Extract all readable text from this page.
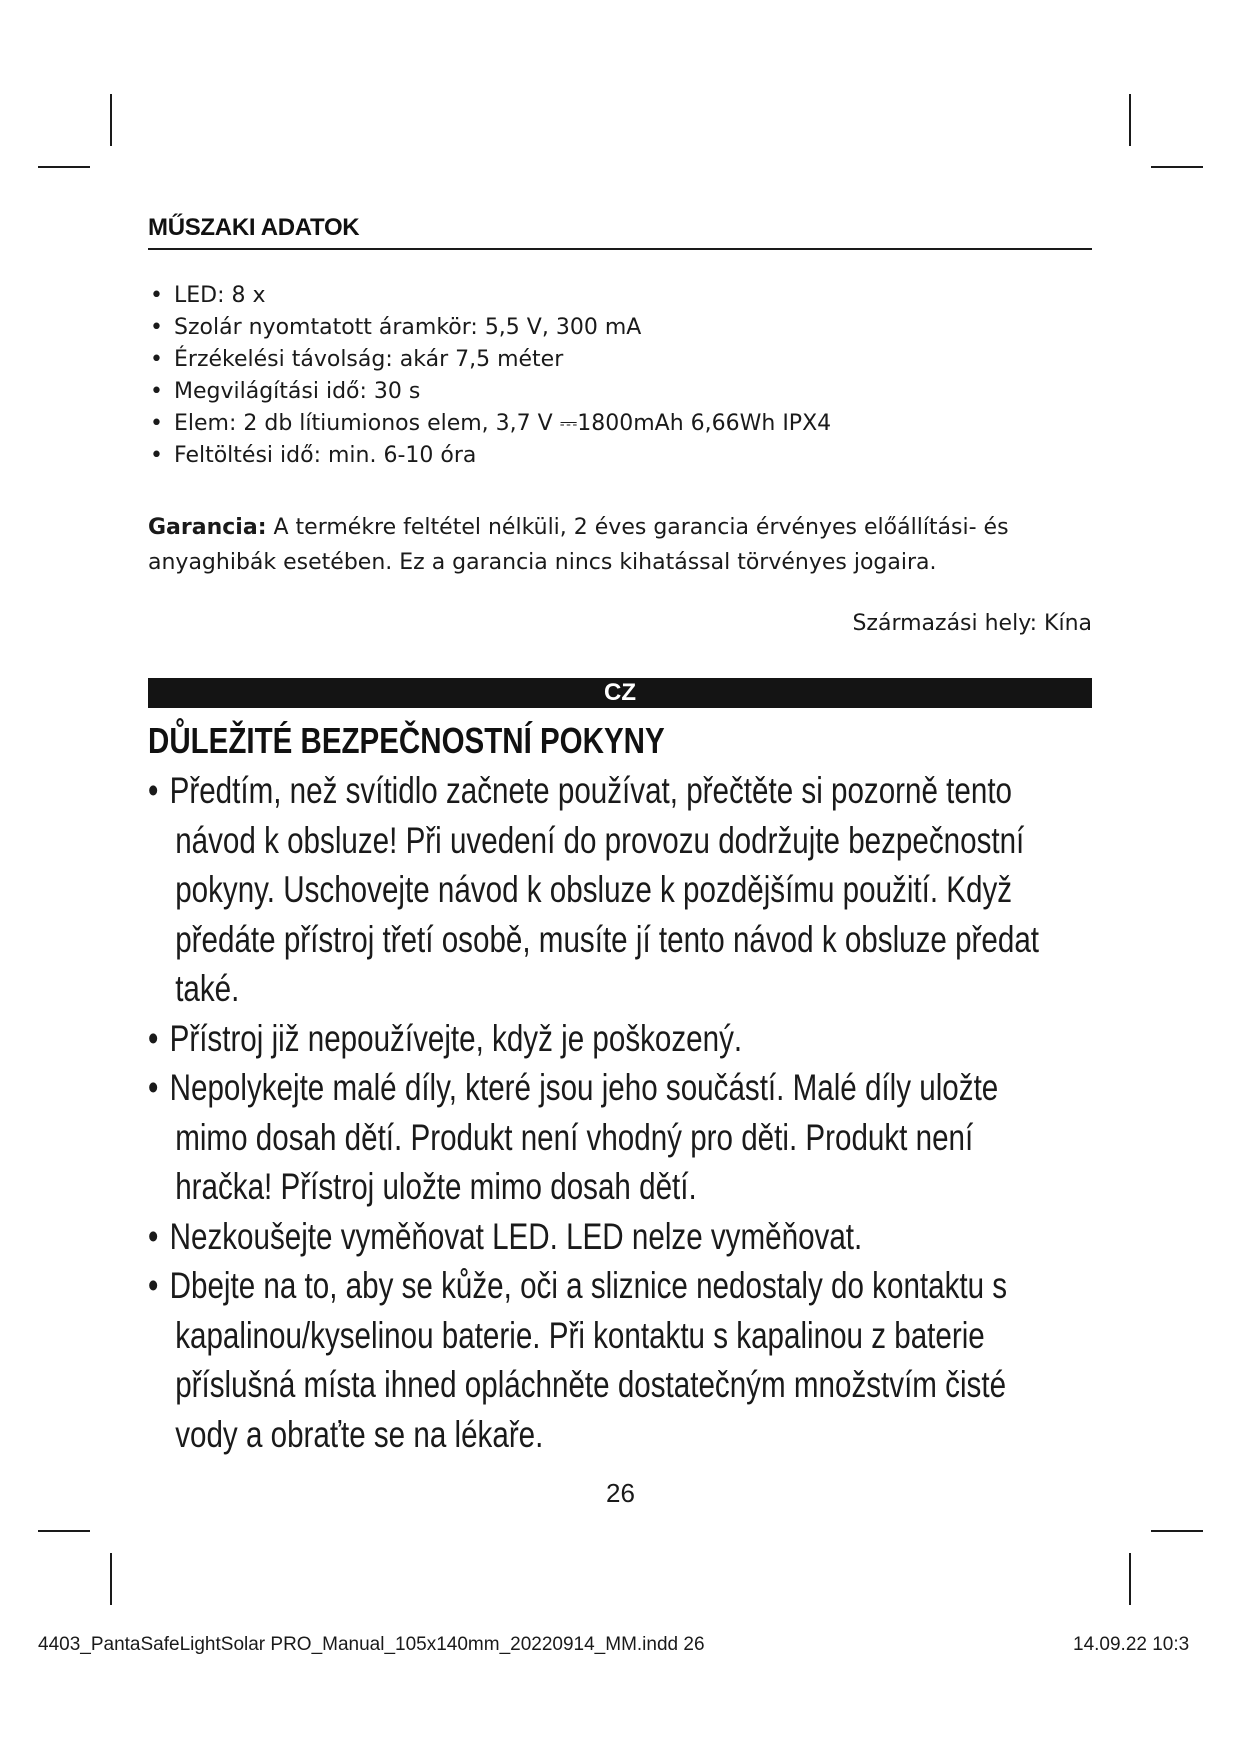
MŰSZAKI ADATOK
• LED: 8 x
• Szolár nyomtatott áramkör: 5,5 V, 300 mA
• Érzékelési távolság: akár 7,5 méter
• Megvilágítási idő: 30 s
• Elem: 2 db lítiumionos elem, 3,7 V ⎓1800mAh 6,66Wh IPX4
• Feltöltési idő: min. 6-10 óra

Garancia: A termékre feltétel nélküli, 2 éves garancia érvényes előállítási- és anyaghibák esetében. Ez a garancia nincs kihatással törvényes jogaira.

Származási hely: Kína
CZ
DŮLEŽITÉ BEZPEČNOSTNÍ POKYNY
• Předtím, než svítidlo začnete používat, přečtěte si pozorně tento návod k obsluze! Při uvedení do provozu dodržujte bezpečnostní pokyny. Uschovejte návod k obsluze k pozdějšímu použití. Když předáte přístroj třetí osobě, musíte jí tento návod k obsluze předat také.
• Přístroj již nepoužívejte, když je poškozený.
• Nepolykejte malé díly, které jsou jeho součástí. Malé díly uložte mimo dosah dětí. Produkt není vhodný pro děti. Produkt není hračka! Přístroj uložte mimo dosah dětí.
• Nezkoušejte vyměňovat LED. LED nelze vyměňovat.
• Dbejte na to, aby se kůže, oči a sliznice nedostaly do kontaktu s kapalinou/kyselinou baterie. Při kontaktu s kapalinou z baterie příslušná místa ihned opláchněte dostatečným množstvím čisté vody a obraťte se na lékaře.
26
4403_PantaSafeLightSolar PRO_Manual_105x140mm_20220914_MM.indd 26	14.09.22 10:3
